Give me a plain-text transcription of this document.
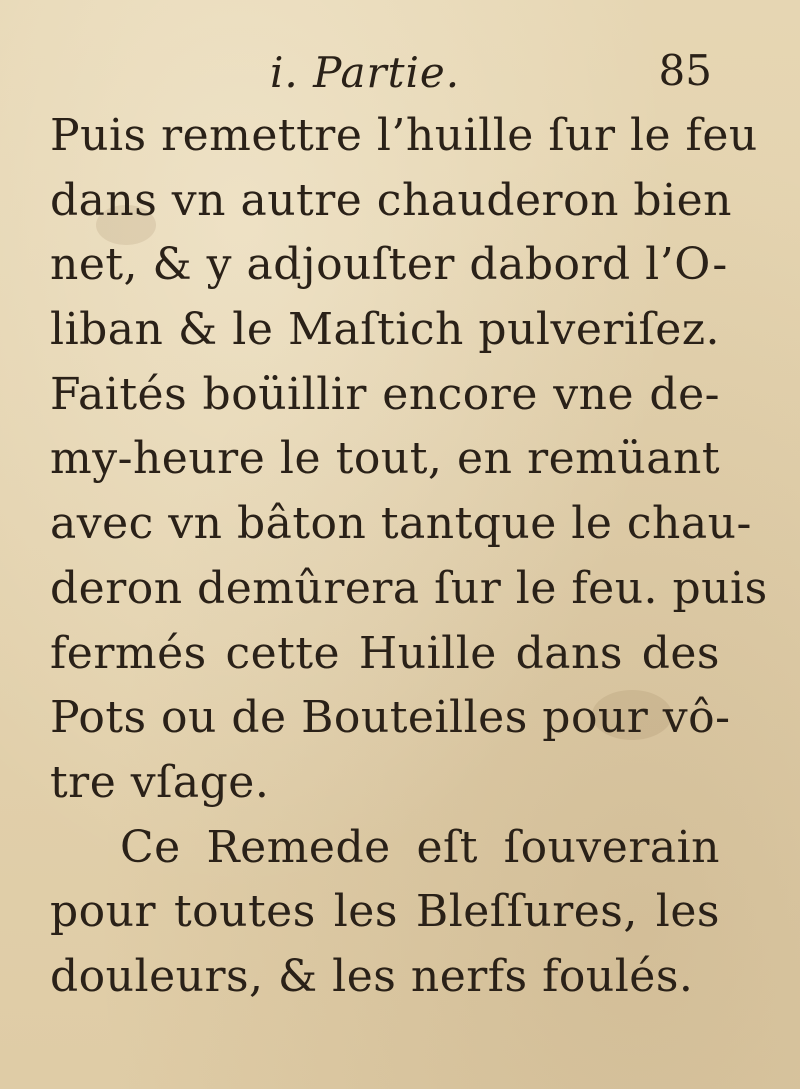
i. Partie.	85
Puis remettre l’huille ſur le feu
dans vn autre chauderon bien
net, & y adjouſter dabord l’O-
liban & le Maſtich pulveriſez.
Faités boüillir encore vne de-
my-heure le tout, en remüant
avec vn bâton tantque le chau-
deron demûrera ſur le feu. puis
fermés cette Huille dans des
Pots ou de Bouteilles pour vô-
tre vſage.
Ce Remede eſt ſouverain
pour toutes les Bleſſures, les
douleurs, & les nerfs foulés.
